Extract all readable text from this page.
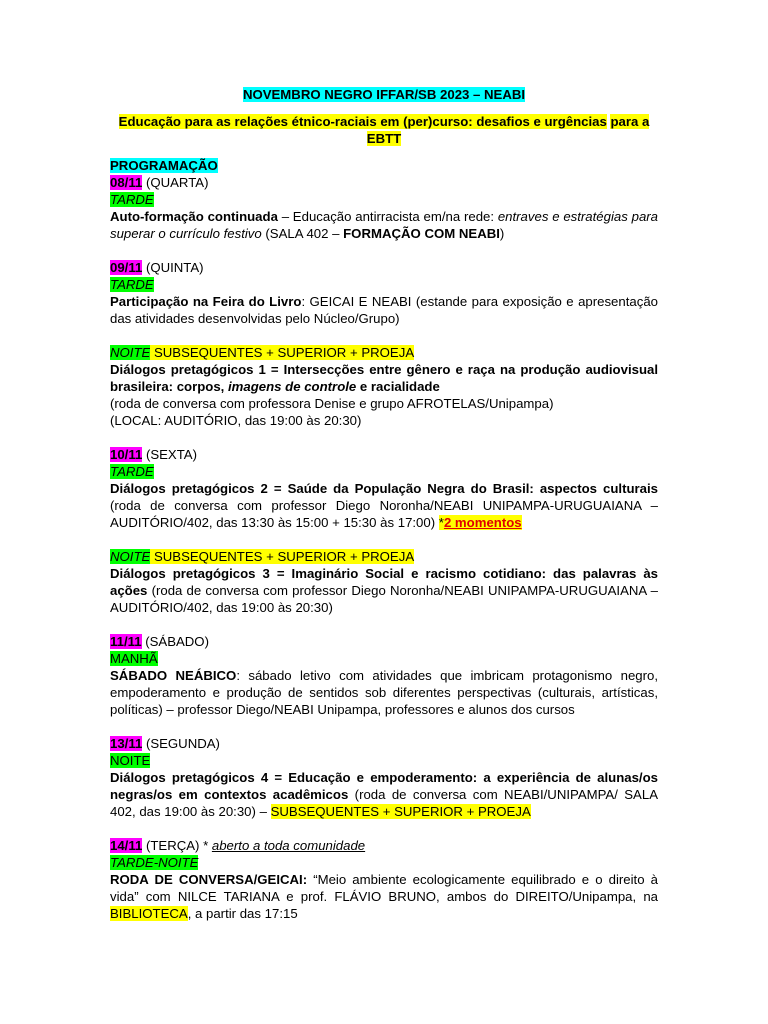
NOVEMBRO NEGRO IFFAR/SB 2023 – NEABI
Educação para as relações étnico-raciais em (per)curso: desafios e urgências para a EBTT
PROGRAMAÇÃO
08/11 (QUARTA)
TARDE
Auto-formação continuada – Educação antirracista em/na rede: entraves e estratégias para superar o currículo festivo (SALA 402 – FORMAÇÃO COM NEABI)
09/11 (QUINTA)
TARDE
Participação na Feira do Livro: GEICAI E NEABI (estande para exposição e apresentação das atividades desenvolvidas pelo Núcleo/Grupo)
NOITE SUBSEQUENTES + SUPERIOR + PROEJA
Diálogos pretagógicos 1 = Intersecções entre gênero e raça na produção audiovisual brasileira: corpos, imagens de controle e racialidade
(roda de conversa com professora Denise e grupo AFROTELAS/Unipampa)
(LOCAL: AUDITÓRIO, das 19:00 às 20:30)
10/11 (SEXTA)
TARDE
Diálogos pretagógicos 2 = Saúde da População Negra do Brasil: aspectos culturais (roda de conversa com professor Diego Noronha/NEABI UNIPAMPA-URUGUAIANA – AUDITÓRIO/402, das 13:30 às 15:00 + 15:30 às 17:00) *2 momentos
NOITE SUBSEQUENTES + SUPERIOR + PROEJA
Diálogos pretagógicos 3 = Imaginário Social e racismo cotidiano: das palavras às ações (roda de conversa com professor Diego Noronha/NEABI UNIPAMPA-URUGUAIANA – AUDITÓRIO/402, das 19:00 às 20:30)
11/11 (SÁBADO)
MANHÃ
SÁBADO NEÁBICO: sábado letivo com atividades que imbricam protagonismo negro, empoderamento e produção de sentidos sob diferentes perspectivas (culturais, artísticas, políticas) – professor Diego/NEABI Unipampa, professores e alunos dos cursos
13/11 (SEGUNDA)
NOITE
Diálogos pretagógicos 4 = Educação e empoderamento: a experiência de alunas/os negras/os em contextos acadêmicos (roda de conversa com NEABI/UNIPAMPA/ SALA 402, das 19:00 às 20:30) – SUBSEQUENTES + SUPERIOR + PROEJA
14/11 (TERÇA) * aberto a toda comunidade
TARDE-NOITE
RODA DE CONVERSA/GEICAI: “Meio ambiente ecologicamente equilibrado e o direito à vida” com NILCE TARIANA e prof. FLÁVIO BRUNO, ambos do DIREITO/Unipampa, na BIBLIOTECA, a partir das 17:15
